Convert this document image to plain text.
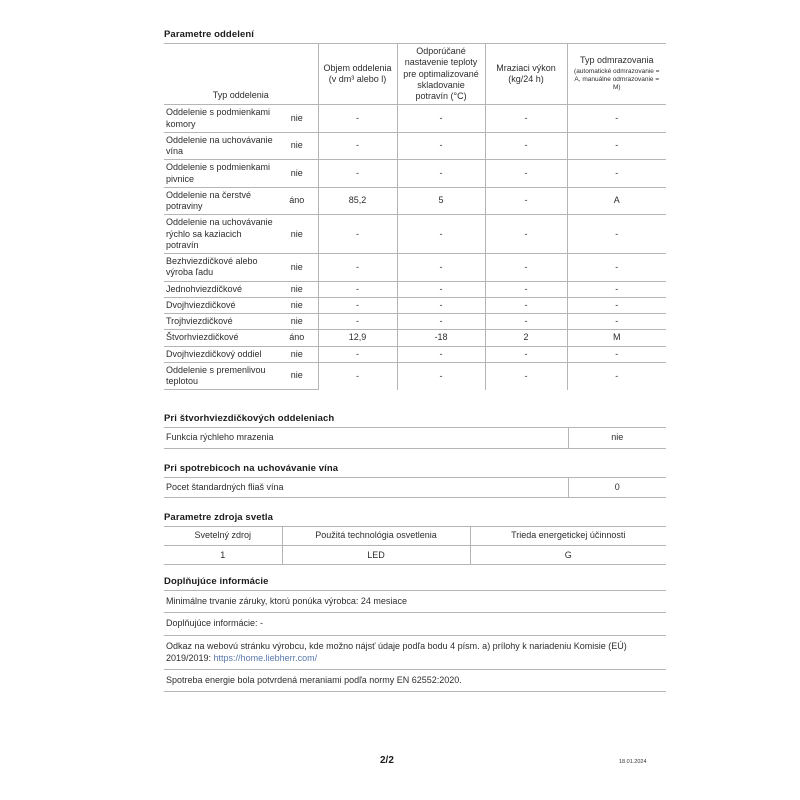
Parametre oddelení
Typ oddelenia		Objem oddelenia (v dm³ alebo l)	Odporúčané nastavenie teploty pre optimalizované skladovanie potravín (°C)	Mraziaci výkon (kg/24 h)	Typ odmrazovania
(automatické odmrazovanie = A, manuálne odmrazovanie = M)

Oddelenie s podmienkami komory	nie	-	-	-	-
Oddelenie na uchovávanie vína	nie	-	-	-	-
Oddelenie s podmienkami pivnice	nie	-	-	-	-
Oddelenie na čerstvé potraviny	áno	85,2	5	-	A
Oddelenie na uchovávanie rýchlo sa kaziacich potravín	nie	-	-	-	-
Bezhviezdičkové alebo výroba ľadu	nie	-	-	-	-
Jednohviezdičkové	nie	-	-	-	-
Dvojhviezdičkové	nie	-	-	-	-
Trojhviezdičkové	nie	-	-	-	-
Štvorhviezdičkové	áno	12,9	-18	2	M
Dvojhviezdičkový oddiel	nie	-	-	-	-
Oddelenie s premenlivou teplotou	nie	-	-	-	-
Pri štvorhviezdičkových oddeleniach
Funkcia rýchleho mrazenia	nie
Pri spotrebicoch na uchovávanie vína
Pocet štandardných fliaš vína	0
Parametre zdroja svetla
Svetelný zdroj	Použitá technológia osvetlenia	Trieda energetickej účinnosti
1	LED	G
Doplňujúce informácie
Minimálne trvanie záruky, ktorú ponúka výrobca: 24 mesiace
Doplňujúce informácie: -
Odkaz na webovú stránku výrobcu, kde možno nájsť údaje podľa bodu 4 písm. a) prílohy k nariadeniu Komisie (EÚ) 2019/2019: https://home.liebherr.com/
Spotreba energie bola potvrdená meraniami podľa normy EN 62552:2020.
2/2	18.01.2024
